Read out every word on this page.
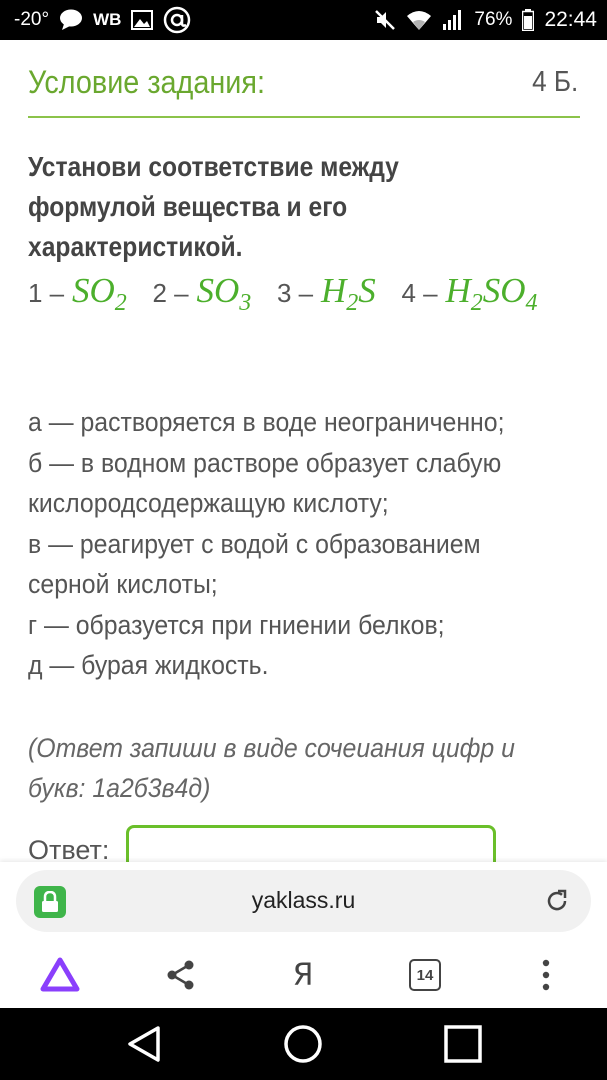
-20°	WB	76% 22:44
Условие задания:	4 Б.
Установи соответствие между формулой вещества и его характеристикой.
$1 - SO_2$ $2 - SO_3$ $3 - H_2S$ $4 - H_2SO_4$
а — растворяется в воде неограниченно;
б — в водном растворе образует слабую
кислородсодержащую кислоту;
в — реагирует с водой с образованием
серной кислоты;
г — образуется при гниении белков;
д — бурая жидкость.
(Ответ запиши в виде сочеиания цифр и
букв: 1а2б3в4д)
Ответ:
yaklass.ru
Я	14
